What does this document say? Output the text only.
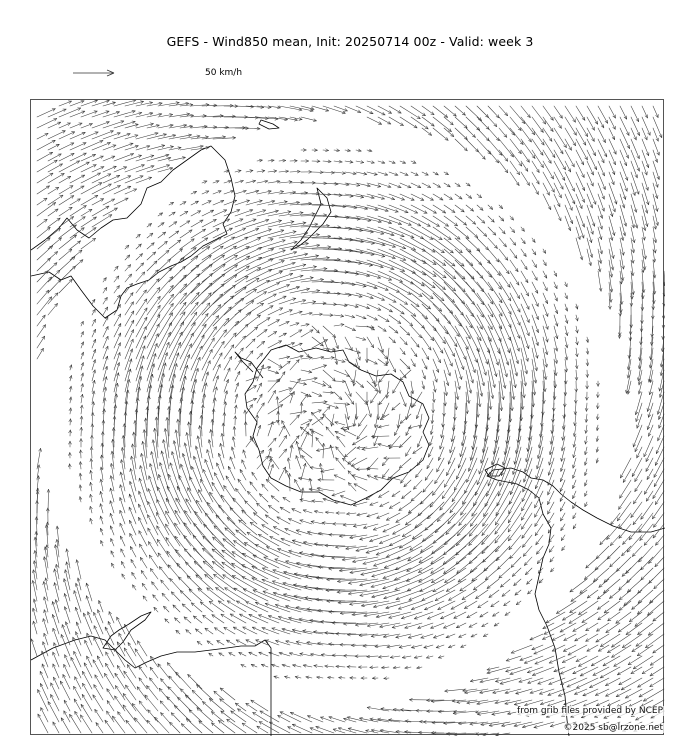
GEFS - Wind850 mean, Init: 20250714 00z - Valid: week 3
50 km/h
from grib files provided by NCEP
©2025 sb@lrzone.net
